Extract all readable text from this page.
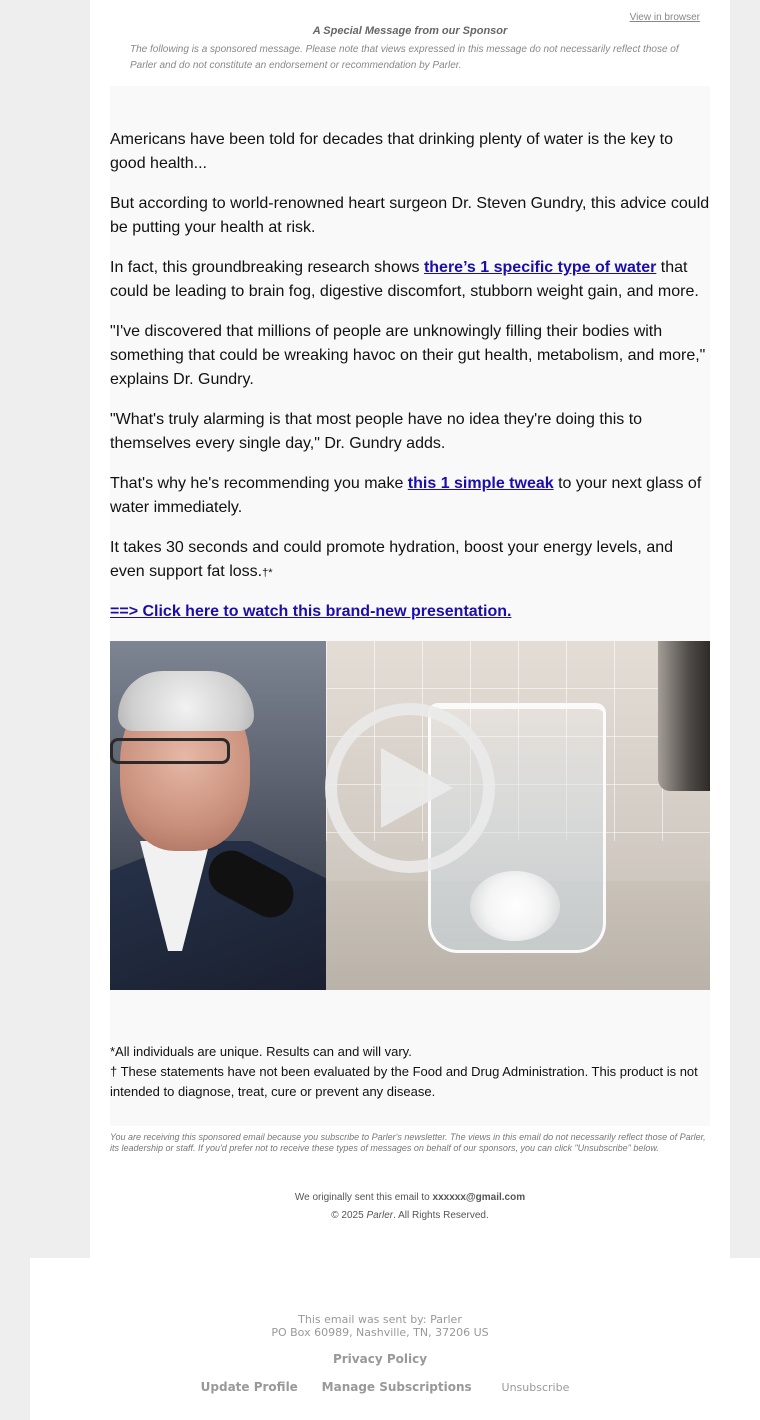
View in browser
A Special Message from our Sponsor
The following is a sponsored message. Please note that views expressed in this message do not necessarily reflect those of Parler and do not constitute an endorsement or recommendation by Parler.

Americans have been told for decades that drinking plenty of water is the key to good health...

But according to world-renowned heart surgeon Dr. Steven Gundry, this advice could be putting your health at risk.

In fact, this groundbreaking research shows there’s 1 specific type of water that could be leading to brain fog, digestive discomfort, stubborn weight gain, and more.

"I've discovered that millions of people are unknowingly filling their bodies with something that could be wreaking havoc on their gut health, metabolism, and more," explains Dr. Gundry.

"What's truly alarming is that most people have no idea they're doing this to themselves every single day," Dr. Gundry adds.

That's why he's recommending you make this 1 simple tweak to your next glass of water immediately.

It takes 30 seconds and could promote hydration, boost your energy levels, and even support fat loss.†*

==> Click here to watch this brand-new presentation.

*All individuals are unique. Results can and will vary.

† These statements have not been evaluated by the Food and Drug Administration. This product is not intended to diagnose, treat, cure or prevent any disease.

You are receiving this sponsored email because you subscribe to Parler's newsletter. The views in this email do not necessarily reflect those of Parler, its leadership or staff. If you'd prefer not to receive these types of messages on behalf of our sponsors, you can click "Unsubscribe" below.

We originally sent this email to xxxxxx@gmail.com
© 2025 Parler. All Rights Reserved.
This email was sent by: Parler
PO Box 60989, Nashville, TN, 37206 US
Privacy Policy
Update Profile Manage Subscriptions	Unsubscribe
